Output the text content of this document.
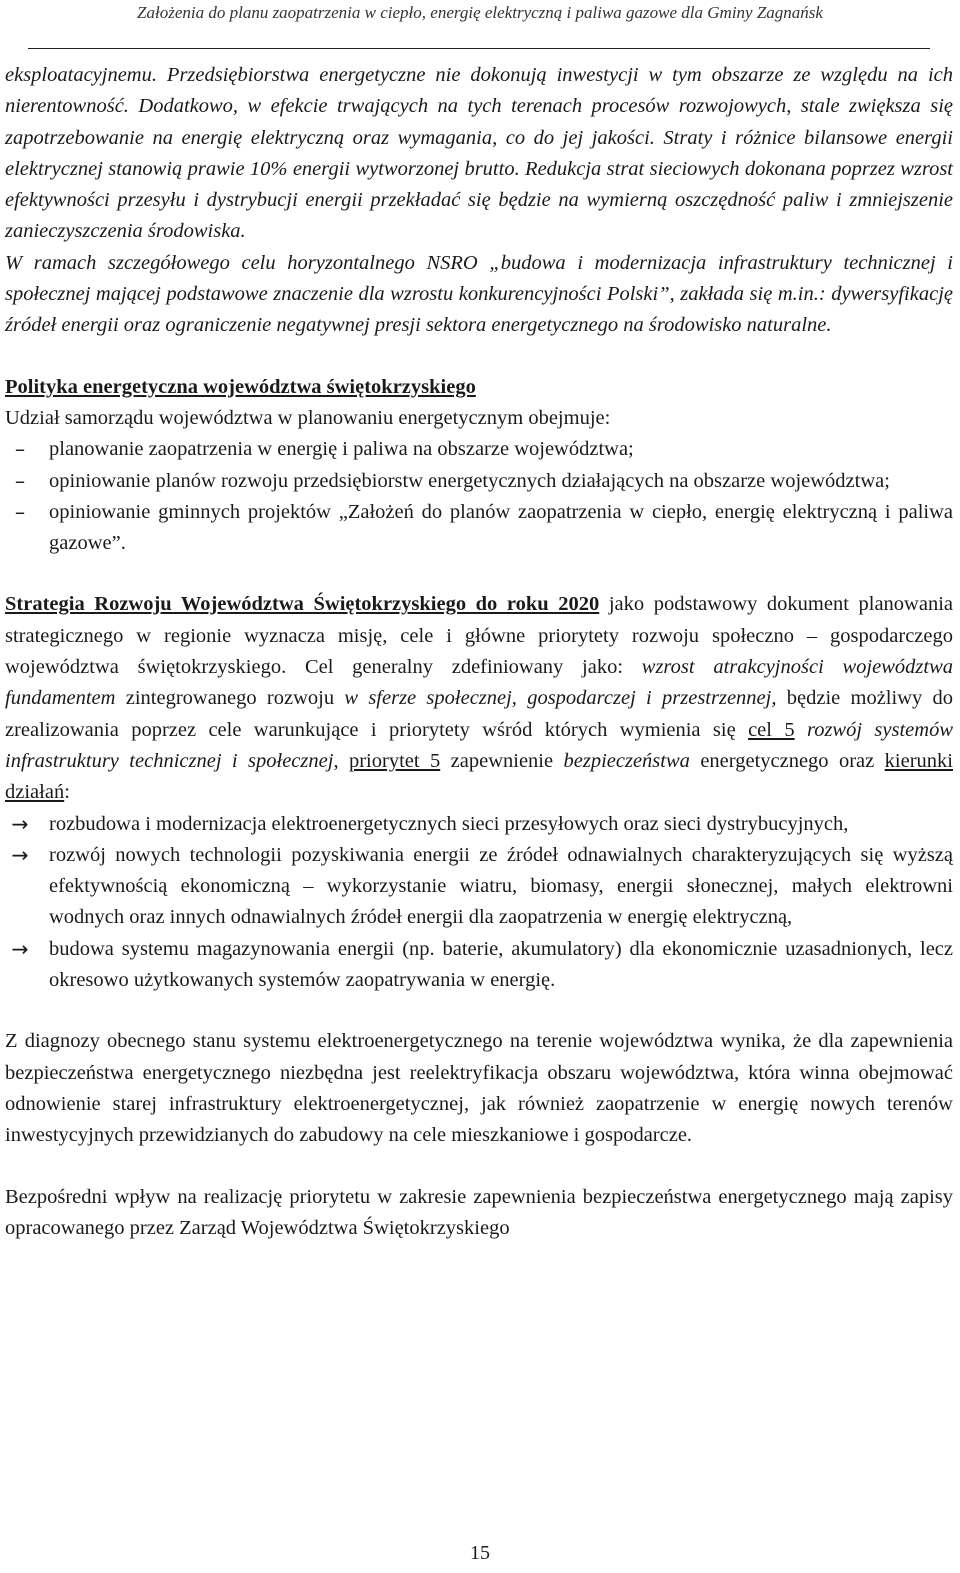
Założenia do planu zaopatrzenia w ciepło, energię elektryczną i paliwa gazowe dla Gminy Zagnańsk

eksploatacyjnemu. Przedsiębiorstwa energetyczne nie dokonują inwestycji w tym obszarze ze względu na ich nierentowność. Dodatkowo, w efekcie trwających na tych terenach procesów rozwojowych, stale zwiększa się zapotrzebowanie na energię elektryczną oraz wymagania, co do jej jakości. Straty i różnice bilansowe energii elektrycznej stanowią prawie 10% energii wytworzonej brutto. Redukcja strat sieciowych dokonana poprzez wzrost efektywności przesyłu i dystrybucji energii przekładać się będzie na wymierną oszczędność paliw i zmniejszenie zanieczyszczenia środowiska.

W ramach szczegółowego celu horyzontalnego NSRO „budowa i modernizacja infrastruktury technicznej i społecznej mającej podstawowe znaczenie dla wzrostu konkurencyjności Polski”, zakłada się m.in.: dywersyfikację źródeł energii oraz ograniczenie negatywnej presji sektora energetycznego na środowisko naturalne.

Polityka energetyczna województwa świętokrzyskiego

Udział samorządu województwa w planowaniu energetycznym obejmuje:

–	planowanie zaopatrzenia w energię i paliwa na obszarze województwa;
–	opiniowanie planów rozwoju przedsiębiorstw energetycznych działających na obszarze województwa;
–	opiniowanie gminnych projektów „Założeń do planów zaopatrzenia w ciepło, energię elektryczną i paliwa gazowe”.

Strategia Rozwoju Województwa Świętokrzyskiego do roku 2020 jako podstawowy dokument planowania strategicznego w regionie wyznacza misję, cele i główne priorytety rozwoju społeczno – gospodarczego województwa świętokrzyskiego. Cel generalny zdefiniowany jako: wzrost atrakcyjności województwa fundamentem zintegrowanego rozwoju w sferze społecznej, gospodarczej i przestrzennej, będzie możliwy do zrealizowania poprzez cele warunkujące i priorytety wśród których wymienia się cel 5 rozwój systemów infrastruktury technicznej i społecznej, priorytet 5 zapewnienie bezpieczeństwa energetycznego oraz kierunki działań:

→ rozbudowa i modernizacja elektroenergetycznych sieci przesyłowych oraz sieci dystrybucyjnych,
→ rozwój nowych technologii pozyskiwania energii ze źródeł odnawialnych charakteryzujących się wyższą efektywnością ekonomiczną – wykorzystanie wiatru, biomasy, energii słonecznej, małych elektrowni wodnych oraz innych odnawialnych źródeł energii dla zaopatrzenia w energię elektryczną,
→ budowa systemu magazynowania energii (np. baterie, akumulatory) dla ekonomicznie uzasadnionych, lecz okresowo użytkowanych systemów zaopatrywania w energię.

Z diagnozy obecnego stanu systemu elektroenergetycznego na terenie województwa wynika, że dla zapewnienia bezpieczeństwa energetycznego niezbędna jest reelektryfikacja obszaru województwa, która winna obejmować odnowienie starej infrastruktury elektroenergetycznej, jak również zaopatrzenie w energię nowych terenów inwestycyjnych przewidzianych do zabudowy na cele mieszkaniowe i gospodarcze.

Bezpośredni wpływ na realizację priorytetu w zakresie zapewnienia bezpieczeństwa energetycznego mają zapisy opracowanego przez Zarząd Województwa Świętokrzyskiego

15
